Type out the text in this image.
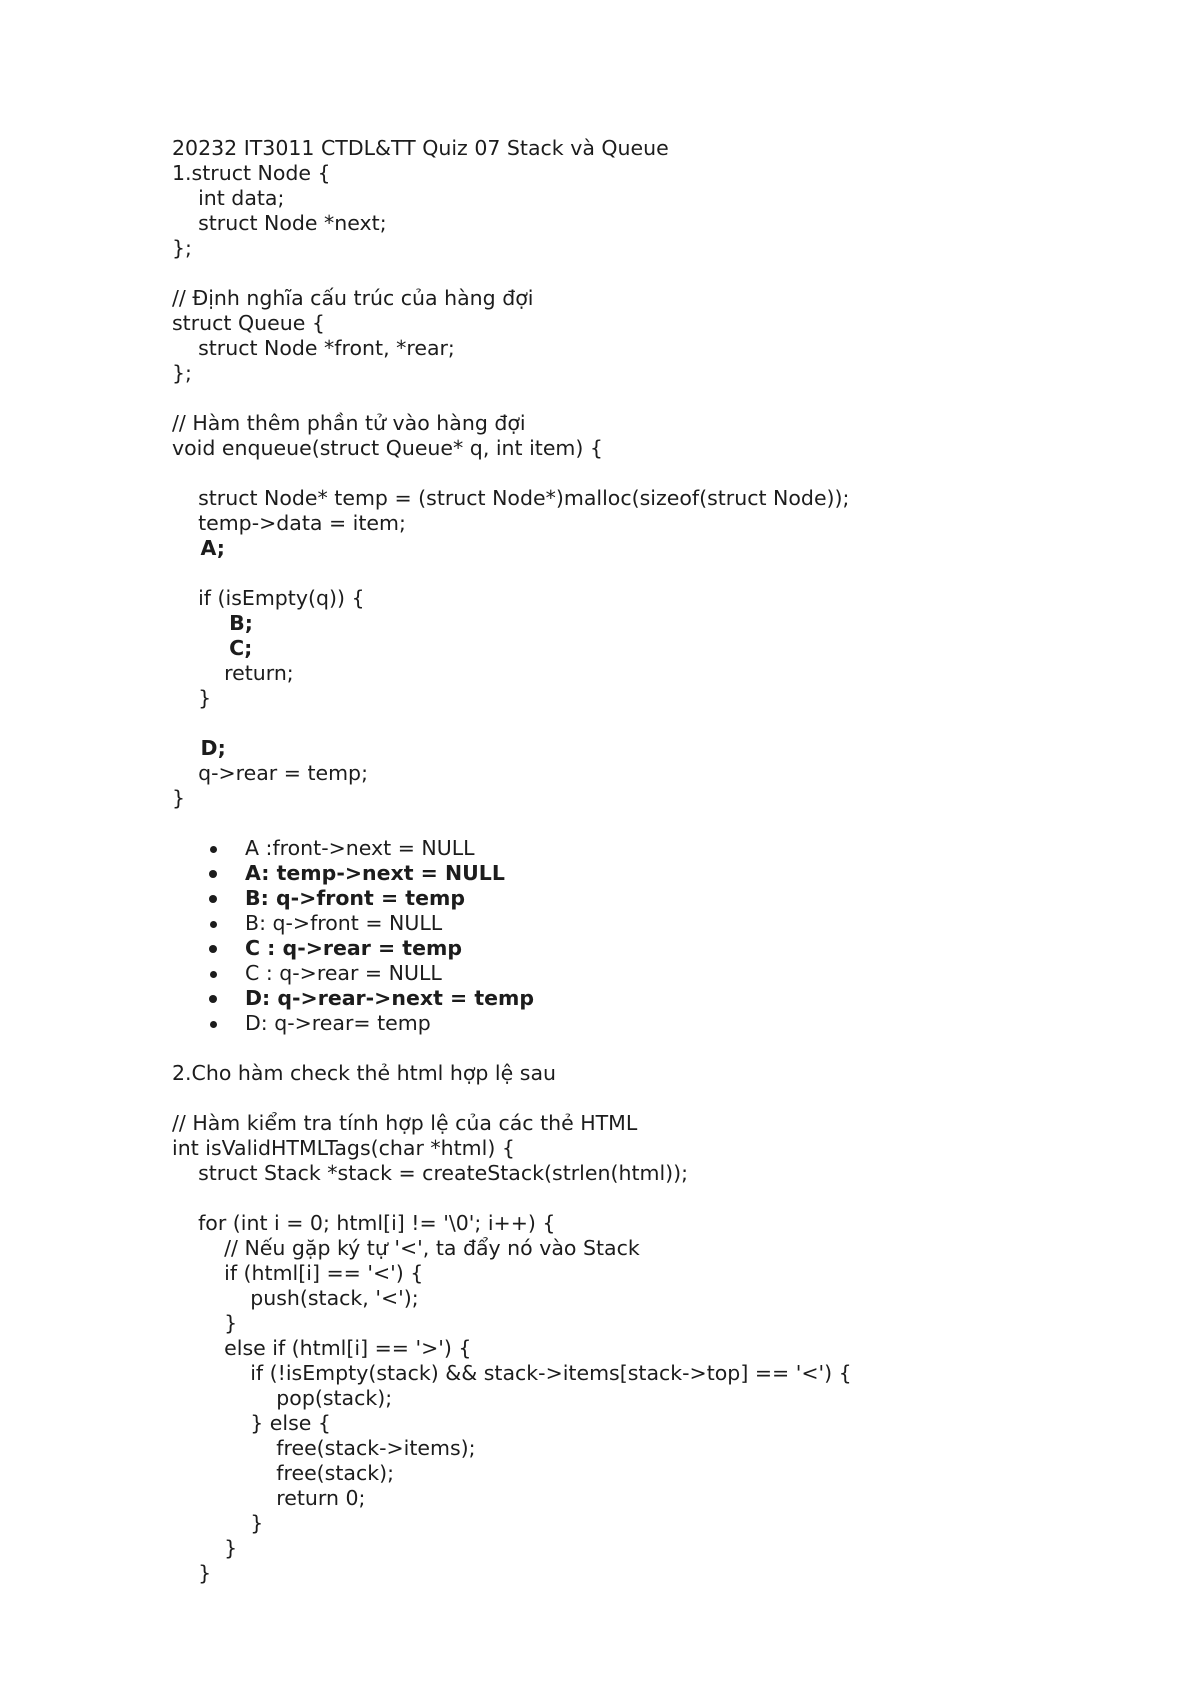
20232 IT3011 CTDL&TT Quiz 07 Stack và Queue
1.struct Node {
int data;
struct Node *next;
};
// Định nghĩa cấu trúc của hàng đợi
struct Queue {
struct Node *front, *rear;
};
// Hàm thêm phần tử vào hàng đợi
void enqueue(struct Queue* q, int item) {
struct Node* temp = (struct Node*)malloc(sizeof(struct Node));
temp->data = item;
A;
if (isEmpty(q)) {
B;
C;
return;
}
D;
q->rear = temp;
}
A :front->next = NULL
A: temp->next = NULL
B: q->front = temp
B: q->front = NULL
C : q->rear = temp
C : q->rear = NULL
D: q->rear->next = temp
D: q->rear= temp
2.Cho hàm check thẻ html hợp lệ sau
// Hàm kiểm tra tính hợp lệ của các thẻ HTML
int isValidHTMLTags(char *html) {
struct Stack *stack = createStack(strlen(html));
for (int i = 0; html[i] != '\0'; i++) {
// Nếu gặp ký tự '<', ta đẩy nó vào Stack
if (html[i] == '<') {
push(stack, '<');
}
else if (html[i] == '>') {
if (!isEmpty(stack) && stack->items[stack->top] == '<') {
pop(stack);
} else {
free(stack->items);
free(stack);
return 0;
}
}
}
